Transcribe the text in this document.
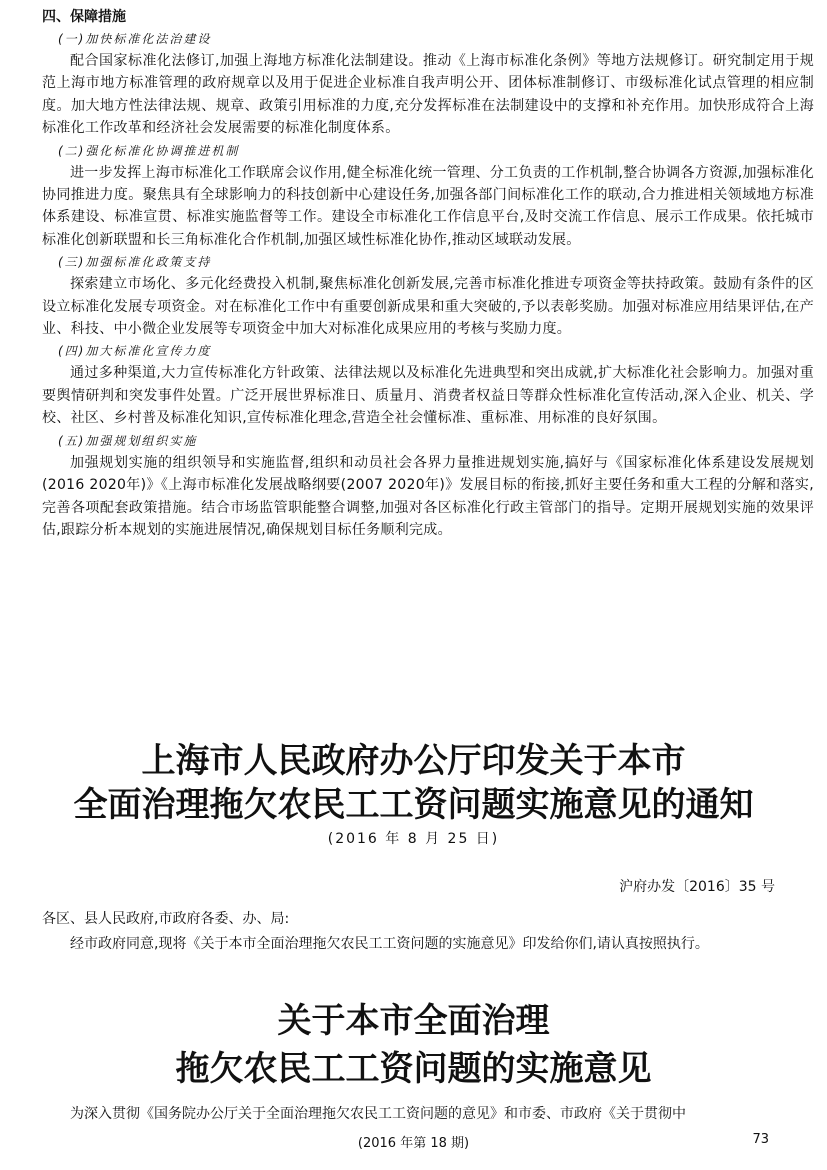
四、保障措施

(一)加快标准化法治建设

配合国家标准化法修订,加强上海地方标准化法制建设。推动《上海市标准化条例》等地方法规修订。研究制定用于规范上海市地方标准管理的政府规章以及用于促进企业标准自我声明公开、团体标准制修订、市级标准化试点管理的相应制度。加大地方性法律法规、规章、政策引用标准的力度,充分发挥标准在法制建设中的支撑和补充作用。加快形成符合上海标准化工作改革和经济社会发展需要的标准化制度体系。

(二)强化标准化协调推进机制

进一步发挥上海市标准化工作联席会议作用,健全标准化统一管理、分工负责的工作机制,整合协调各方资源,加强标准化协同推进力度。聚焦具有全球影响力的科技创新中心建设任务,加强各部门间标准化工作的联动,合力推进相关领域地方标准体系建设、标准宣贯、标准实施监督等工作。建设全市标准化工作信息平台,及时交流工作信息、展示工作成果。依托城市标准化创新联盟和长三角标准化合作机制,加强区域性标准化协作,推动区域联动发展。

(三)加强标准化政策支持

探索建立市场化、多元化经费投入机制,聚焦标准化创新发展,完善市标准化推进专项资金等扶持政策。鼓励有条件的区设立标准化发展专项资金。对在标准化工作中有重要创新成果和重大突破的,予以表彰奖励。加强对标准应用结果评估,在产业、科技、中小微企业发展等专项资金中加大对标准化成果应用的考核与奖励力度。

(四)加大标准化宣传力度

通过多种渠道,大力宣传标准化方针政策、法律法规以及标准化先进典型和突出成就,扩大标准化社会影响力。加强对重要舆情研判和突发事件处置。广泛开展世界标准日、质量月、消费者权益日等群众性标准化宣传活动,深入企业、机关、学校、社区、乡村普及标准化知识,宣传标准化理念,营造全社会懂标准、重标准、用标准的良好氛围。

(五)加强规划组织实施

加强规划实施的组织领导和实施监督,组织和动员社会各界力量推进规划实施,搞好与《国家标准化体系建设发展规划(2016 2020年)》《上海市标准化发展战略纲要(2007 2020年)》发展目标的衔接,抓好主要任务和重大工程的分解和落实,完善各项配套政策措施。结合市场监管职能整合调整,加强对各区标准化行政主管部门的指导。定期开展规划实施的效果评估,跟踪分析本规划的实施进展情况,确保规划目标任务顺利完成。

上海市人民政府办公厅印发关于本市

全面治理拖欠农民工工资问题实施意见的通知

(2016 年 8 月 25 日)

沪府办发〔2016〕35 号

各区、县人民政府,市政府各委、办、局:

经市政府同意,现将《关于本市全面治理拖欠农民工工资问题的实施意见》印发给你们,请认真按照执行。

关于本市全面治理

拖欠农民工工资问题的实施意见

为深入贯彻《国务院办公厅关于全面治理拖欠农民工工资问题的意见》和市委、市政府《关于贯彻中

(2016 年第 18 期)	73
